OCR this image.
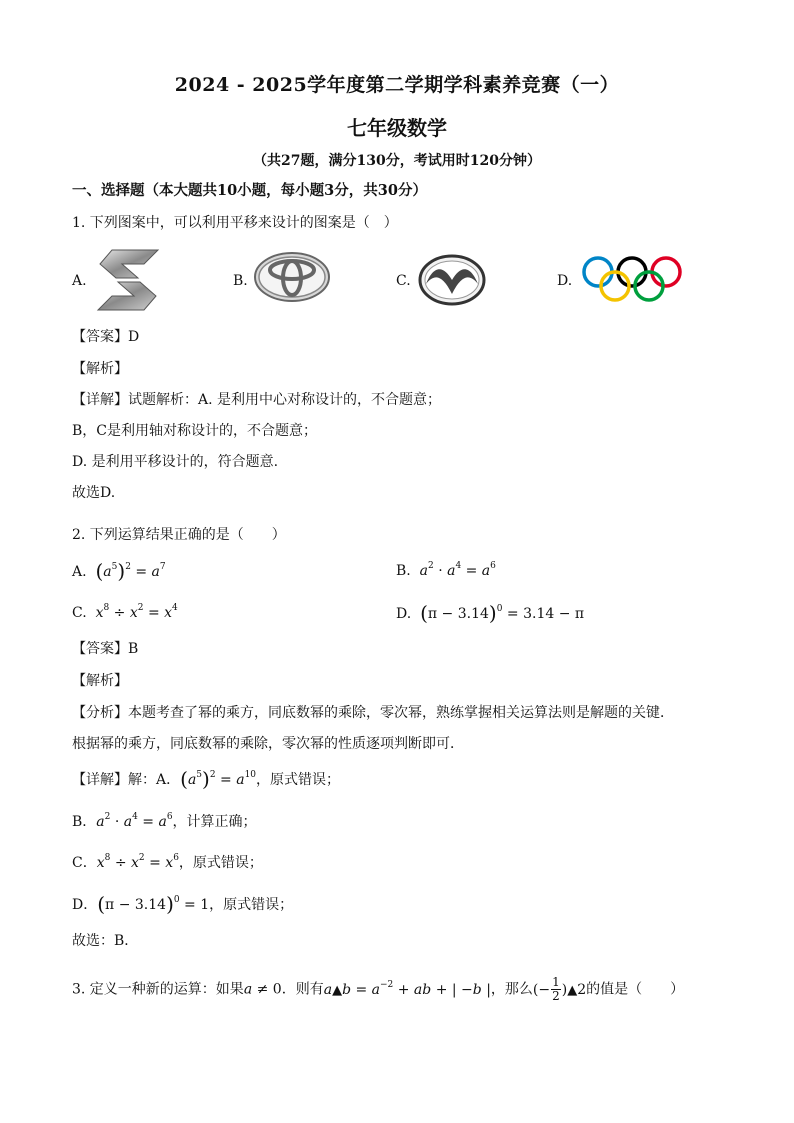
2024 - 2025学年度第二学期学科素养竞赛（一）
七年级数学
（共27题，满分130分，考试用时120分钟）
一、选择题（本大题共10小题，每小题3分，共30分）
1. 下列图案中，可以利用平移来设计的图案是（　）
A.	B.	C.	D.
【答案】D
【解析】
【详解】试题解析：A. 是利用中心对称设计的，不合题意；
B，C是利用轴对称设计的，不合题意；
D. 是利用平移设计的，符合题意.
故选D.
2. 下列运算结果正确的是（　　）
A. $(a^5)^2 = a^7$	B.  $a^2 \cdot a^4 = a^6$
C.  $x^8 \div x^2 = x^4$	D. $(\pi - 3.14)^0 = 3.14 - \pi$
【答案】B
【解析】
【分析】本题考查了幂的乘方，同底数幂的乘除，零次幂，熟练掌握相关运算法则是解题的关键．
根据幂的乘方，同底数幂的乘除，零次幂的性质逐项判断即可．
【详解】解：A．$(a^5)^2 = a^{10}$，原式错误；
B．$a^2 \cdot a^4 = a^6$，计算正确；
C．$x^8 \div x^2 = x^6$，原式错误；
D．$(\pi - 3.14)^0 = 1$，原式错误；
故选：B．
3. 定义一种新的运算：如果a ≠ 0．则有a▲b = $a^{-2}$ + ab + | −b |，那么(− $\frac{1}{2}$ )▲2的值是（　　）
